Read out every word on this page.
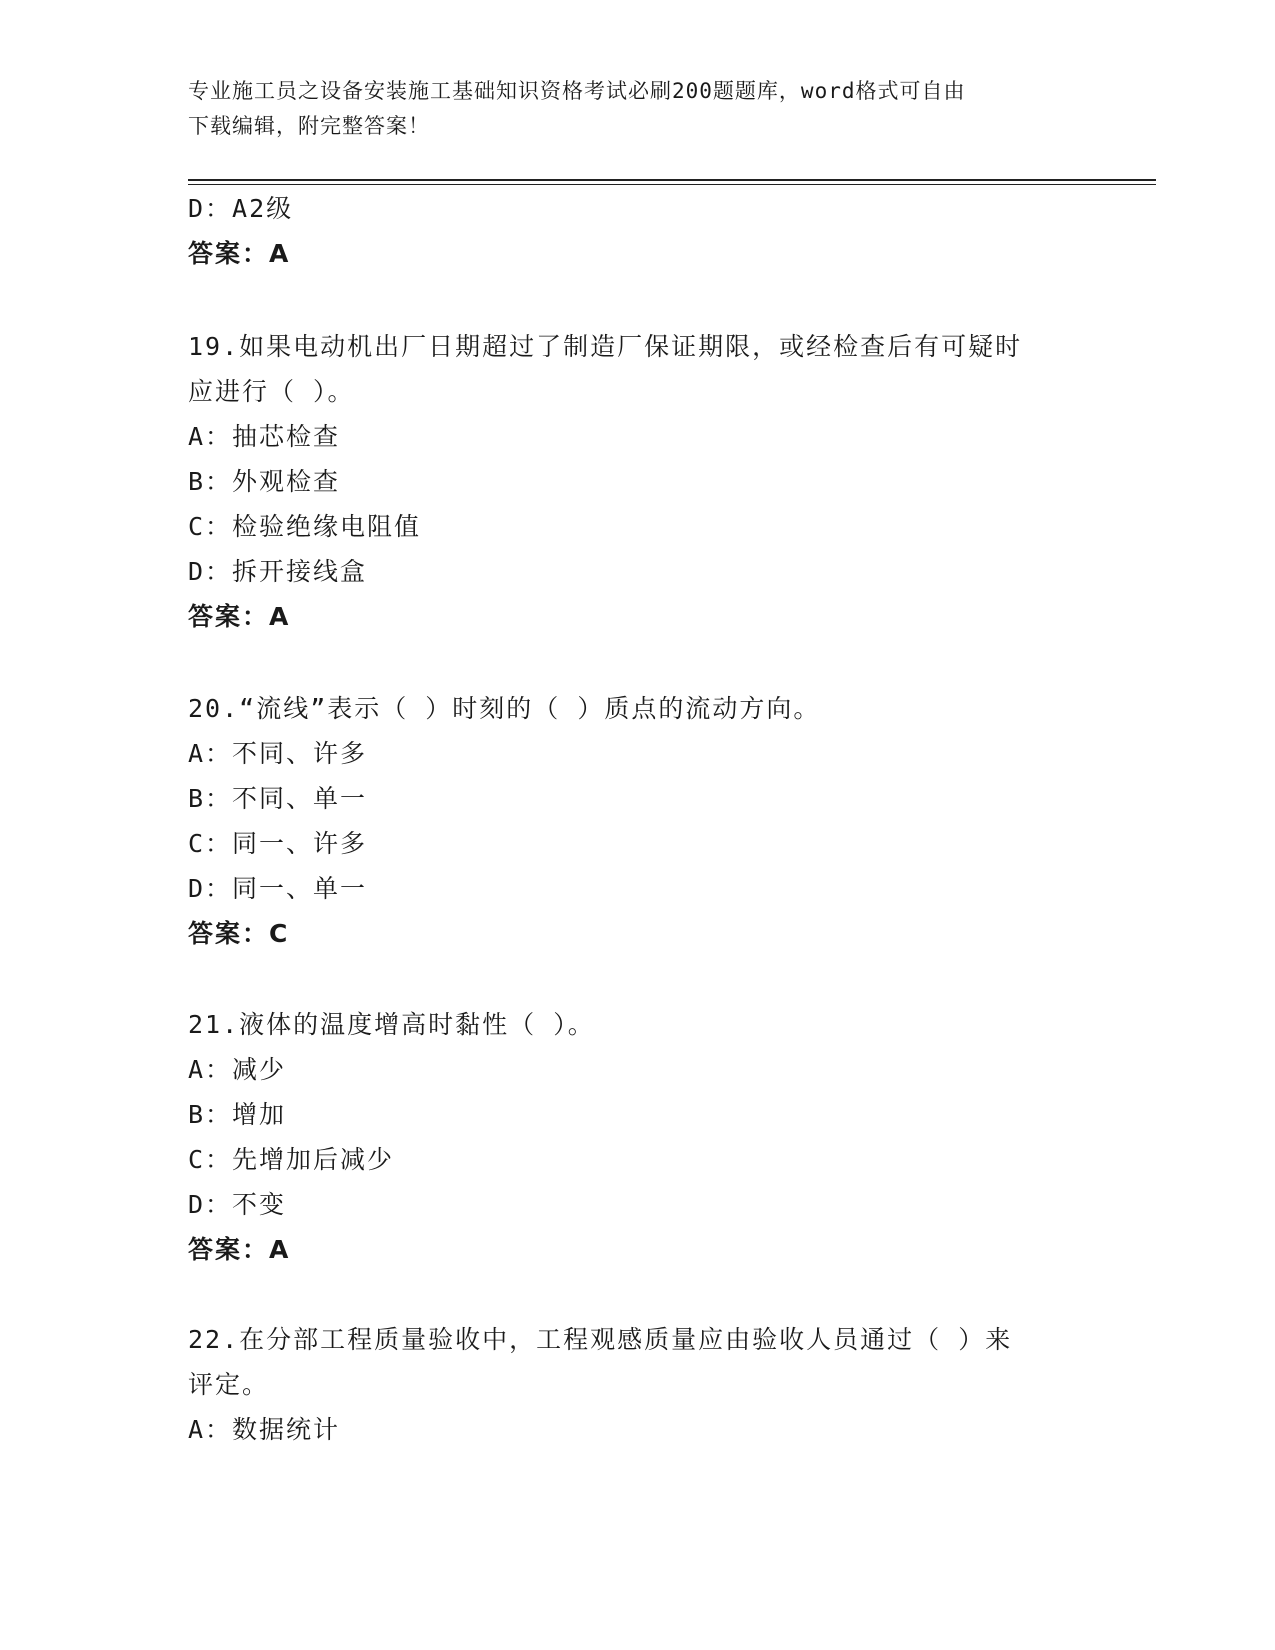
专业施工员之设备安装施工基础知识资格考试必刷200题题库，word格式可自由
下载编辑，附完整答案！
D：A2级
答案：A
19.如果电动机出厂日期超过了制造厂保证期限，或经检查后有可疑时
应进行（ ）。
A：抽芯检查
B：外观检查
C：检验绝缘电阻值
D：拆开接线盒
答案：A
20.“流线”表示（ ）时刻的（ ）质点的流动方向。
A：不同、许多
B：不同、单一
C：同一、许多
D：同一、单一
答案：C
21.液体的温度增高时黏性（ ）。
A：减少
B：增加
C：先增加后减少
D：不变
答案：A
22.在分部工程质量验收中，工程观感质量应由验收人员通过（ ）来
评定。
A：数据统计
